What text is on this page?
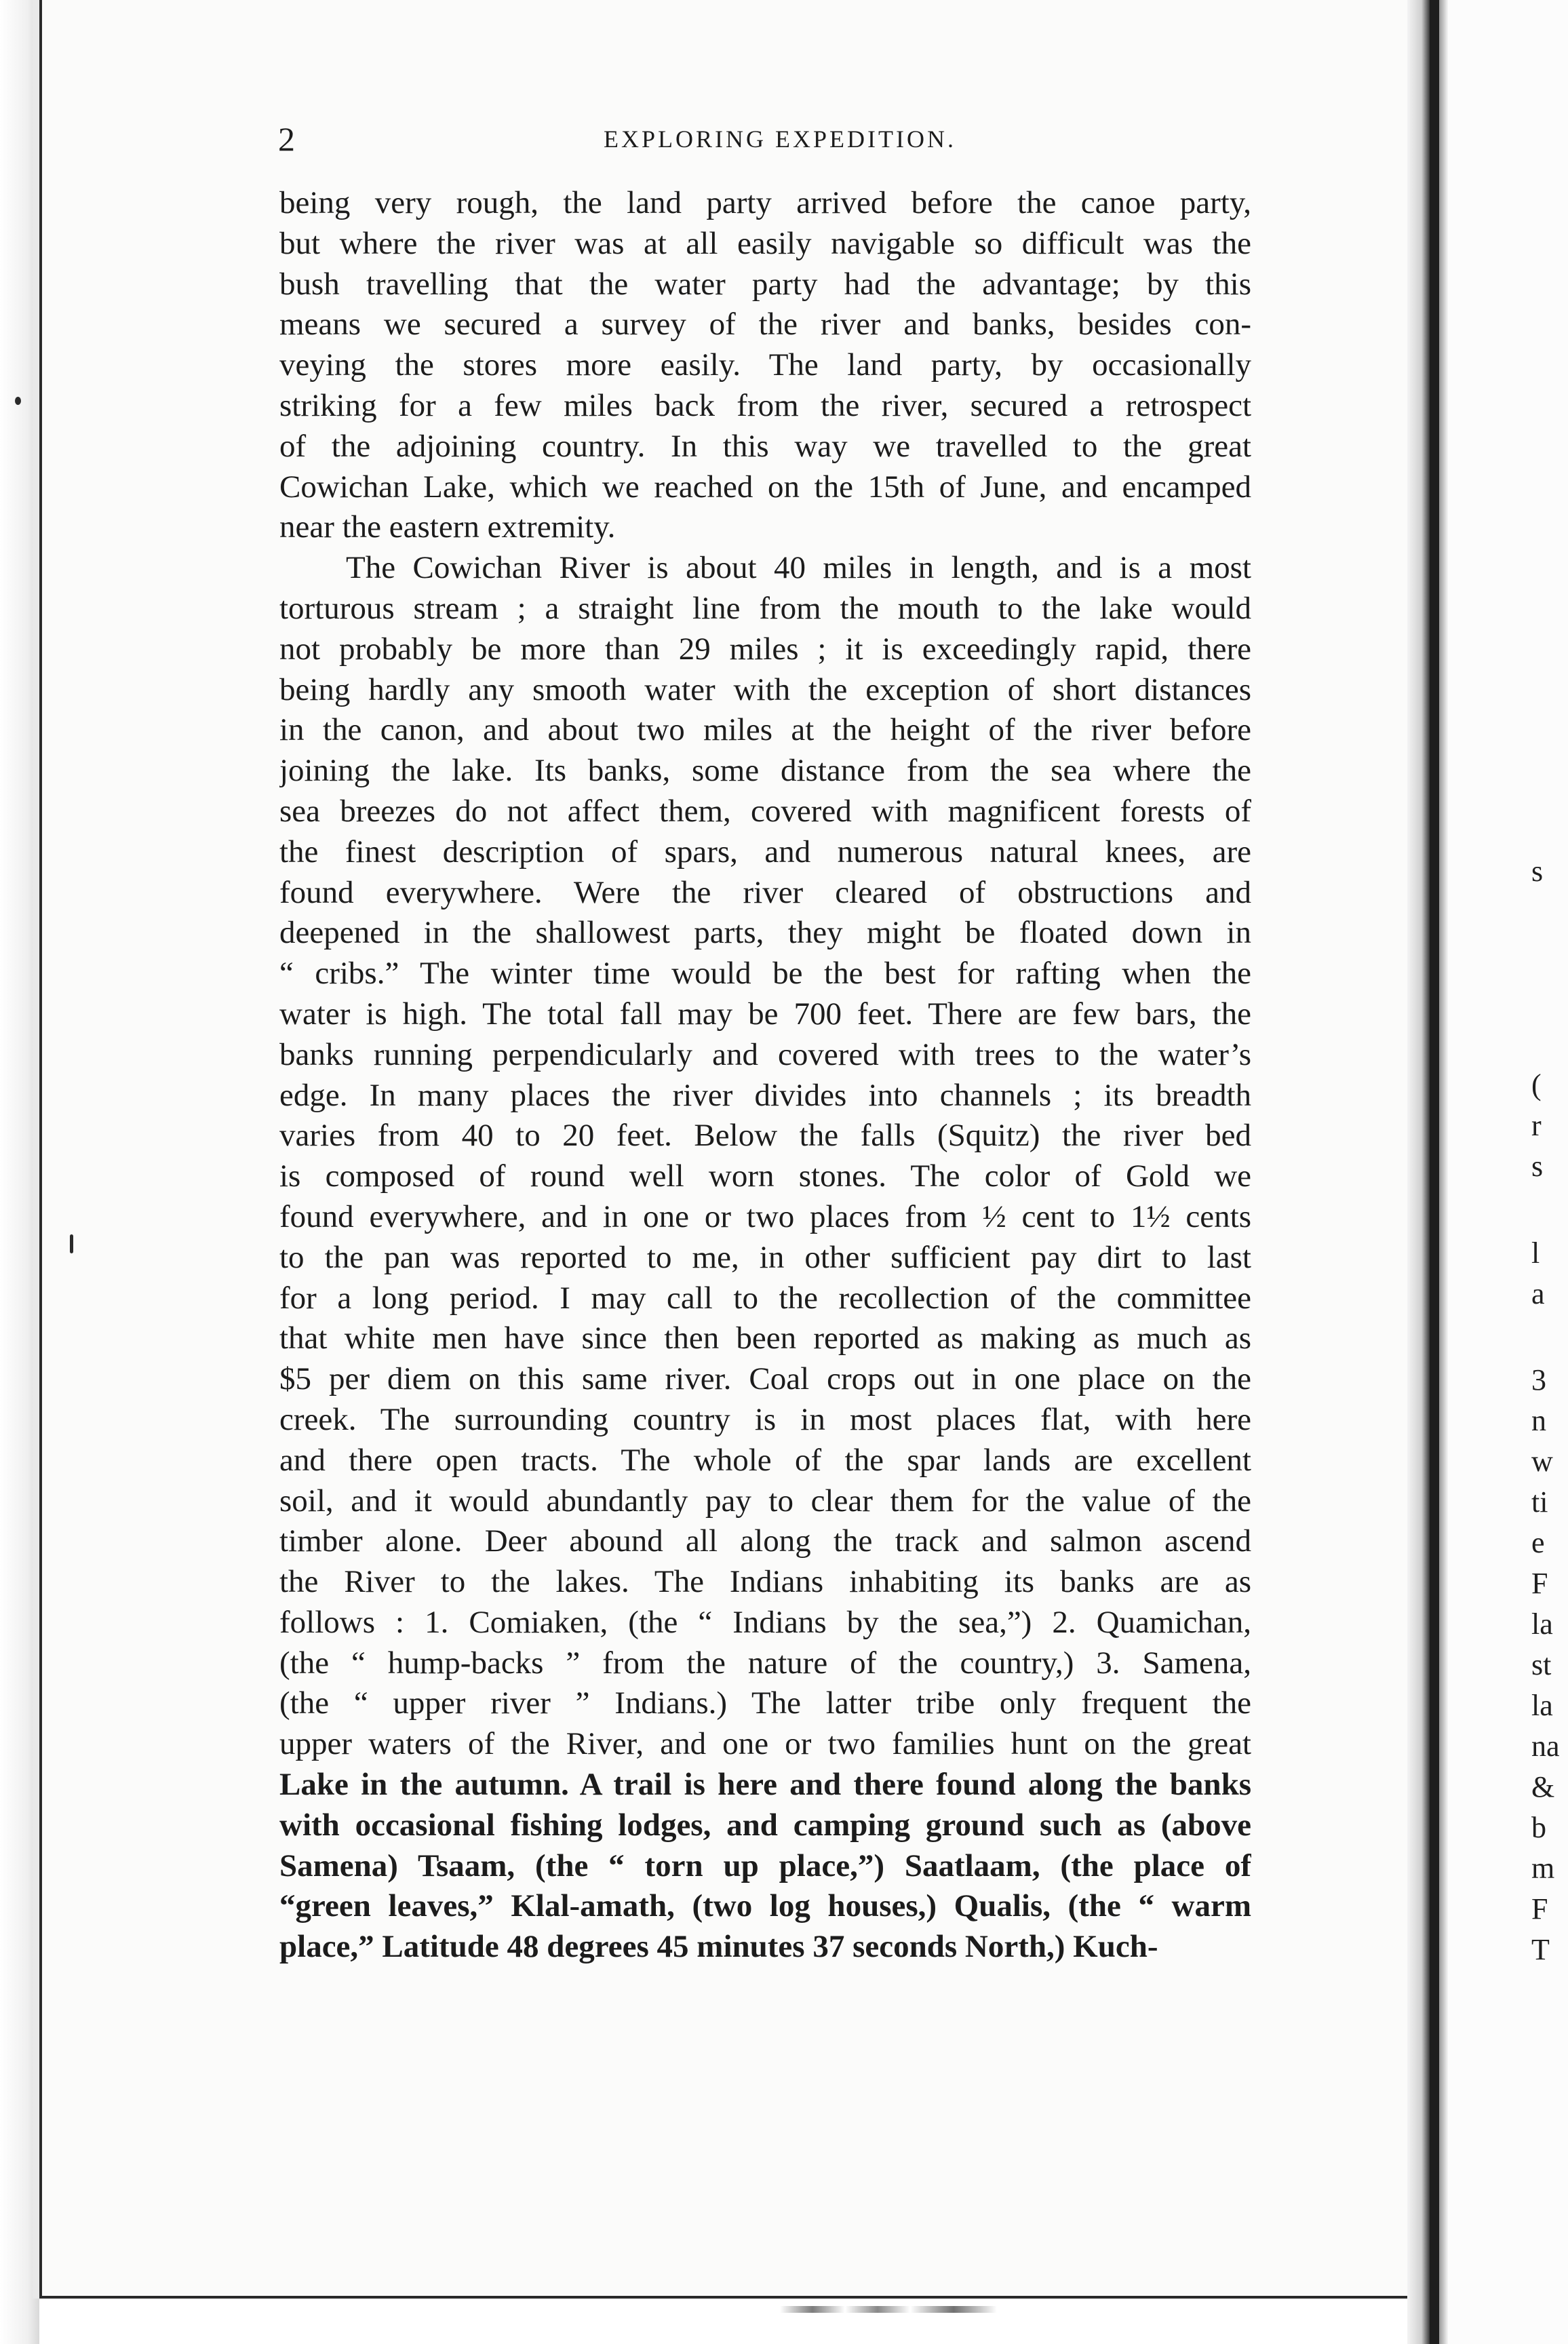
s
(
r
s
l
a
3
n
w
ti
e
F
la
st
la
na
&
b
m
F
T
2	EXPLORING EXPEDITION.
being very rough, the land party arrived before the canoe party,
but where the river was at all easily navigable so difficult was the
bush travelling that the water party had the advantage; by this
means we secured a survey of the river and banks, besides con-
veying the stores more easily. The land party, by occasionally
striking for a few miles back from the river, secured a retrospect
of the adjoining country. In this way we travelled to the great
Cowichan Lake, which we reached on the 15th of June, and encamped
near the eastern extremity.
The Cowichan River is about 40 miles in length, and is a most
torturous stream ; a straight line from the mouth to the lake would
not probably be more than 29 miles ; it is exceedingly rapid, there
being hardly any smooth water with the exception of short distances
in the canon, and about two miles at the height of the river before
joining the lake. Its banks, some distance from the sea where the
sea breezes do not affect them, covered with magnificent forests of
the finest description of spars, and numerous natural knees, are
found everywhere. Were the river cleared of obstructions and
deepened in the shallowest parts, they might be floated down in
“ cribs.” The winter time would be the best for rafting when the
water is high. The total fall may be 700 feet. There are few bars, the
banks running perpendicularly and covered with trees to the water’s
edge. In many places the river divides into channels ; its breadth
varies from 40 to 20 feet. Below the falls (Squitz) the river bed
is composed of round well worn stones. The color of Gold we
found everywhere, and in one or two places from ½ cent to 1½ cents
to the pan was reported to me, in other sufficient pay dirt to last
for a long period. I may call to the recollection of the committee
that white men have since then been reported as making as much as
$5 per diem on this same river. Coal crops out in one place on the
creek. The surrounding country is in most places flat, with here
and there open tracts. The whole of the spar lands are excellent
soil, and it would abundantly pay to clear them for the value of the
timber alone. Deer abound all along the track and salmon ascend
the River to the lakes. The Indians inhabiting its banks are as
follows : 1. Comiaken, (the “ Indians by the sea,”) 2. Quamichan,
(the “ hump-backs ” from the nature of the country,) 3. Samena,
(the “ upper river ” Indians.) The latter tribe only frequent the
upper waters of the River, and one or two families hunt on the great
Lake in the autumn. A trail is here and there found along the banks
with occasional fishing lodges, and camping ground such as (above
Samena) Tsaam, (the “ torn up place,”) Saatlaam, (the place of
“green leaves,” Klal-amath, (two log houses,) Qualis, (the “ warm
place,” Latitude 48 degrees 45 minutes 37 seconds North,) Kuch-
